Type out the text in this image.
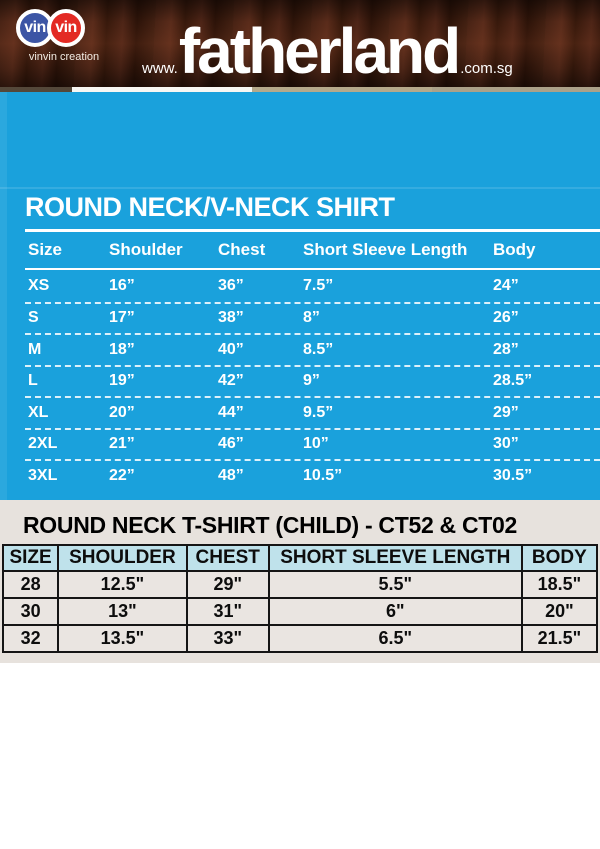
vin vin
vinvin creation
www. fatherland .com.sg
ROUND NECK/V-NECK SHIRT
Size	Shoulder	Chest	Short Sleeve Length	Body
XS	16”	36”	7.5”	24”
S	17”	38”	8”	26”
M	18”	40”	8.5”	28”
L	19”	42”	9”	28.5”
XL	20”	44”	9.5”	29”
2XL	21”	46”	10”	30”
3XL	22”	48”	10.5”	30.5”
ROUND NECK T-SHIRT (CHILD) - CT52 & CT02
SIZE	SHOULDER	CHEST	SHORT SLEEVE LENGTH	BODY
28	12.5"	29"	5.5"	18.5"
30	13"	31"	6"	20"
32	13.5"	33"	6.5"	21.5"
